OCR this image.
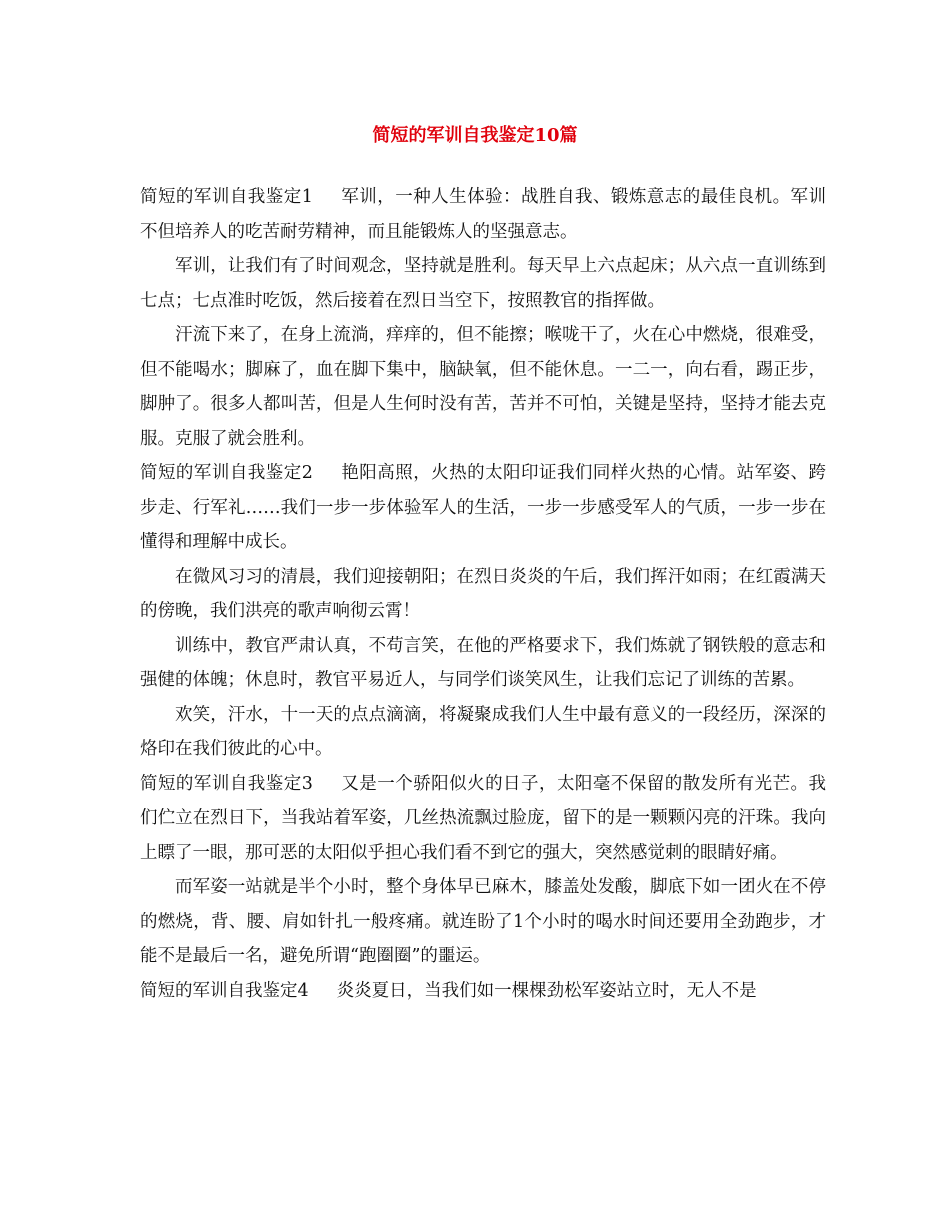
简短的军训自我鉴定10篇

简短的军训自我鉴定1 军训，一种人生体验：战胜自我、锻炼意志的最佳良机。军训不但培养人的吃苦耐劳精神，而且能锻炼人的坚强意志。

军训，让我们有了时间观念，坚持就是胜利。每天早上六点起床；从六点一直训练到七点；七点准时吃饭，然后接着在烈日当空下，按照教官的指挥做。

汗流下来了，在身上流淌，痒痒的，但不能擦；喉咙干了，火在心中燃烧，很难受，但不能喝水；脚麻了，血在脚下集中，脑缺氧，但不能休息。一二一，向右看，踢正步，脚肿了。很多人都叫苦，但是人生何时没有苦，苦并不可怕，关键是坚持，坚持才能去克服。克服了就会胜利。

简短的军训自我鉴定2 艳阳高照，火热的太阳印证我们同样火热的心情。站军姿、跨步走、行军礼……我们一步一步体验军人的生活，一步一步感受军人的气质，一步一步在懂得和理解中成长。

在微风习习的清晨，我们迎接朝阳；在烈日炎炎的午后，我们挥汗如雨；在红霞满天的傍晚，我们洪亮的歌声响彻云霄！

训练中，教官严肃认真，不苟言笑，在他的严格要求下，我们炼就了钢铁般的意志和强健的体魄；休息时，教官平易近人，与同学们谈笑风生，让我们忘记了训练的苦累。

欢笑，汗水，十一天的点点滴滴，将凝聚成我们人生中最有意义的一段经历，深深的烙印在我们彼此的心中。

简短的军训自我鉴定3 又是一个骄阳似火的日子，太阳毫不保留的散发所有光芒。我们伫立在烈日下，当我站着军姿，几丝热流飘过脸庞，留下的是一颗颗闪亮的汗珠。我向上瞟了一眼，那可恶的太阳似乎担心我们看不到它的强大，突然感觉刺的眼睛好痛。

而军姿一站就是半个小时，整个身体早已麻木，膝盖处发酸，脚底下如一团火在不停的燃烧，背、腰、肩如针扎一般疼痛。就连盼了1个小时的喝水时间还要用全劲跑步，才能不是最后一名，避免所谓“跑圈圈”的噩运。

简短的军训自我鉴定4 炎炎夏日，当我们如一棵棵劲松军姿站立时，无人不是
